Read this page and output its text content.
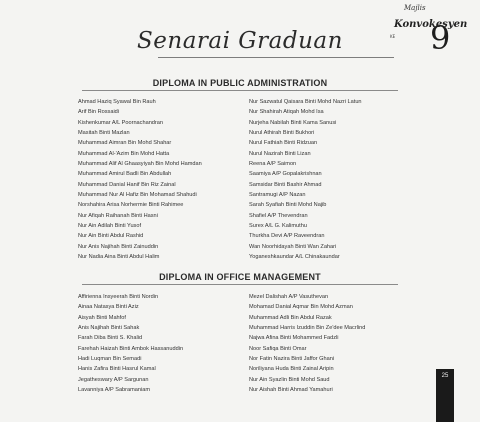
Majlis
Konvokesyen
KE 9
Senarai Graduan
DIPLOMA IN PUBLIC ADMINISTRATION
Ahmad Haziq Syawal Bin Rauh
Arif Bin Rossaidi
Kishenkumar A/L Poornachandran
Masitah Binti Mazlan
Muhammad Aimran Bin Mohd Shahar
Muhammad Al-'Azim Bin Mohd Hatta
Muhammad Alif Al Ghaasyiyah Bin Mohd Hamdan
Muhammad Amirul Badli Bin Abdullah
Muhammad Danial Hanif Bin Riz Zainal
Muhammad Nur Al Hafiz Bin Mohamad Shahudi
Norshahira Arisa Norhermie Binti Rahimee
Nur Afiqah Raihanah Binti Hasni
Nur Ain Adilah Binti Yusof
Nur Ain Binti Abdul Rashid
Nur Anis Najihah Binti Zainuddin
Nur Nadia Aina Binti Abdul Halim
Nur Sazwatul Qaisara Binti Mohd Nazri Latun
Nur Shahirah Atiqah Mohd Isa
Nurjeha Nabilah Binti Kama Sanusi
Nurul Athirah Binti Bukhori
Nurul Fathiah Binti Ridzuan
Nurul Nazirah Binti Lizan
Reena A/P Saimon
Saamiya A/P Gopalakrishnan
Samsidar Binti Bashir Ahmad
Santramugi A/P Nazan
Sarah Syafiah Binti Mohd Najib
Shafiel A/P Thevendran
Surex A/L G. Kalimuthu
Thurkha Devi A/P Raveendran
Wan Noorhidayah Binti Wan Zahari
Yoganeshkaundar A/L Chinakaundar
DIPLOMA IN OFFICE MANAGEMENT
Affirienna Insyeerah Binti Nordin
Ainaa Natasya Binti Aziz
Aisyah Binti Mahfof
Anis Najihah Binti Sahak
Farah Diba Binti S. Khalid
Farehah Haizah Binti Ambok Hassanuddin
Hadi Luqman Bin Semadi
Hanis Zafira Binti Hasrul Kamal
Jegatheswary A/P Sargunan
Lavanniya A/P Sabramaniam
Mezel Dalishah A/P Vasuthevan
Mohamad Danial Aqmar Bin Mohd Azman
Muhammad Adli Bin Abdul Razak
Muhammad Harris Izuddin Bin Ze'dee Macrlind
Najwa Afina Binti Mohammed Fadzli
Noor Safiqa Binti Omar
Nor Fatin Nazira Binti Jaffor Ghani
Noriliyana Huda Binti Zainal Aripin
Nur Ain Syazlin Binti Mohd Saud
Nur Aishah Binti Ahmad Yamahuri
25
